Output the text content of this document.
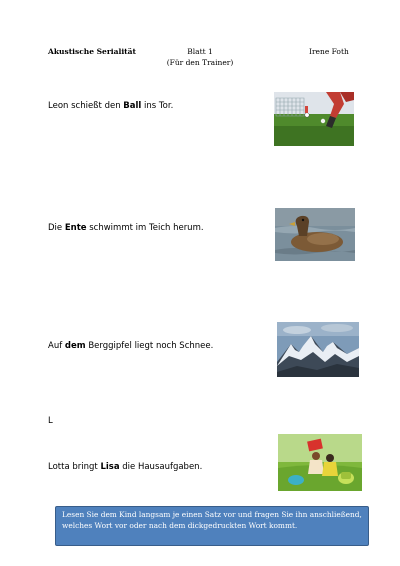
Akustische Serialität	Blatt 1
(Für den Trainer)
Irene Foth
Leon schießt den Ball ins Tor.
Die Ente schwimmt im Teich herum.
Auf dem Berggipfel liegt noch Schnee.
L
Lotta bringt Lisa die Hausaufgaben.
Lesen Sie dem Kind langsam je einen Satz vor und fragen Sie ihn anschließend, welches Wort vor oder nach dem dickgedruckten Wort kommt.
